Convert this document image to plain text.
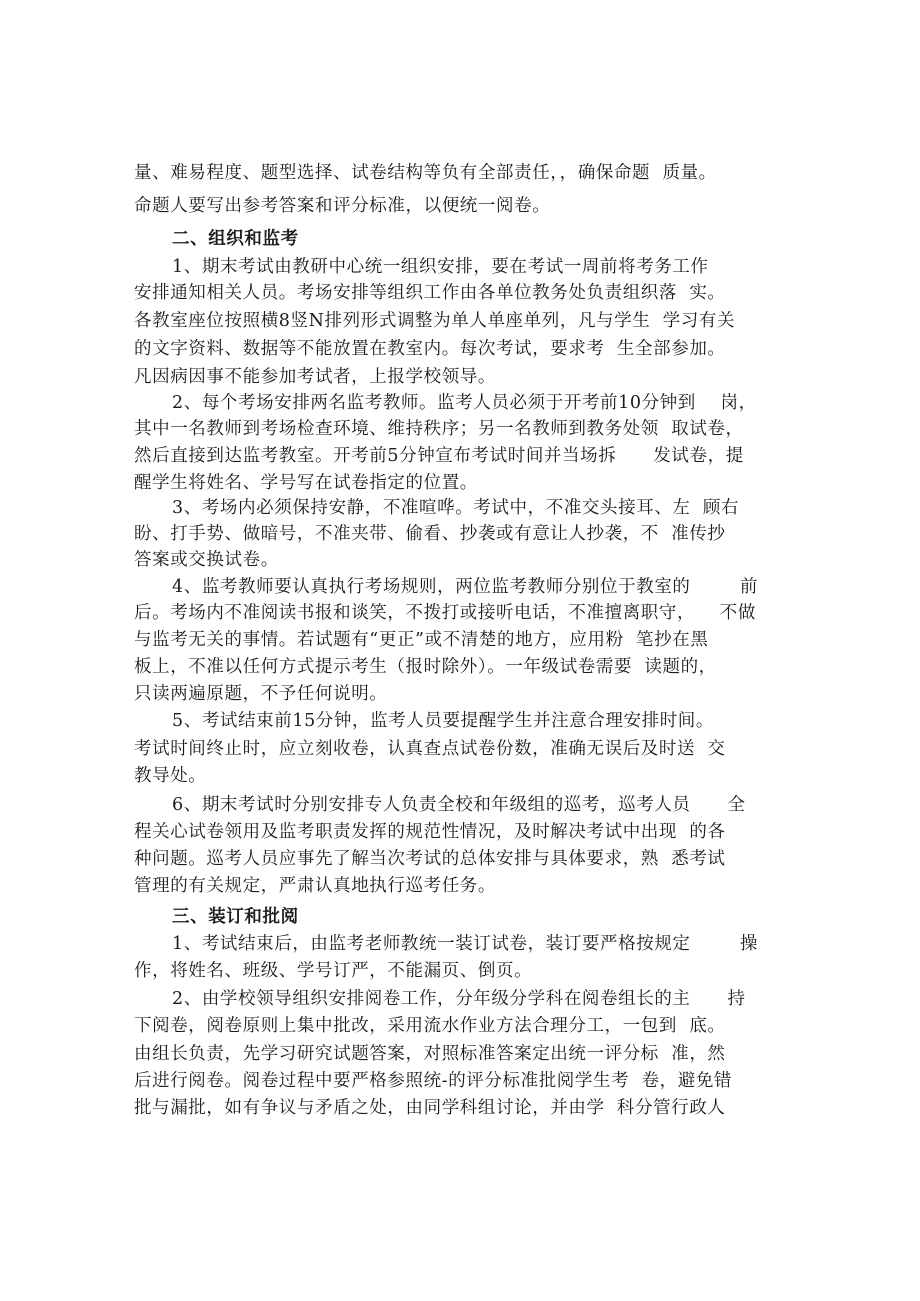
量、难易程度、题型选择、试卷结构等负有全部责任，，确保命题  质量。
命题人要写出参考答案和评分标准，以便统一阅卷。
二、组织和监考
1、期末考试由教研中心统一组织安排，要在考试一周前将考务工作
安排通知相关人员。考场安排等组织工作由各单位教务处负责组织落  实。
各教室座位按照横8竖N排列形式调整为单人单座单列，凡与学生  学习有关
的文字资料、数据等不能放置在教室内。每次考试，要求考  生全部参加。
凡因病因事不能参加考试者，上报学校领导。
2、每个考场安排两名监考教师。监考人员必须于开考前10分钟到    岗，
其中一名教师到考场检查环境、维持秩序；另一名教师到教务处领  取试卷，
然后直接到达监考教室。开考前5分钟宣布考试时间并当场拆      发试卷，提
醒学生将姓名、学号写在试卷指定的位置。
3、考场内必须保持安静，不准喧哗。考试中，不准交头接耳、左  顾右
盼、打手势、做暗号，不准夹带、偷看、抄袭或有意让人抄袭，不  准传抄
答案或交换试卷。
4、监考教师要认真执行考场规则，两位监考教师分别位于教室的        前
后。考场内不准阅读书报和谈笑，不拨打或接听电话，不准擅离职守，    不做
与监考无关的事情。若试题有“更正”或不清楚的地方，应用粉  笔抄在黑
板上，不准以任何方式提示考生（报时除外）。一年级试卷需要  读题的，
只读两遍原题，不予任何说明。
5、考试结束前15分钟，监考人员要提醒学生并注意合理安排时间。
考试时间终止时，应立刻收卷，认真查点试卷份数，准确无误后及时送  交
教导处。
6、期末考试时分别安排专人负责全校和年级组的巡考，巡考人员      全
程关心试卷领用及监考职责发挥的规范性情况，及时解决考试中出现  的各
种问题。巡考人员应事先了解当次考试的总体安排与具体要求，熟  悉考试
管理的有关规定，严肃认真地执行巡考任务。
三、装订和批阅
1、考试结束后，由监考老师教统一装订试卷，装订要严格按规定        操
作，将姓名、班级、学号订严，不能漏页、倒页。
2、由学校领导组织安排阅卷工作，分年级分学科在阅卷组长的主      持
下阅卷，阅卷原则上集中批改，采用流水作业方法合理分工，一包到  底。
由组长负责，先学习研究试题答案，对照标准答案定出统一评分标  准，然
后进行阅卷。阅卷过程中要严格参照统-的评分标准批阅学生考  卷，避免错
批与漏批，如有争议与矛盾之处，由同学科组讨论，并由学  科分管行政人
